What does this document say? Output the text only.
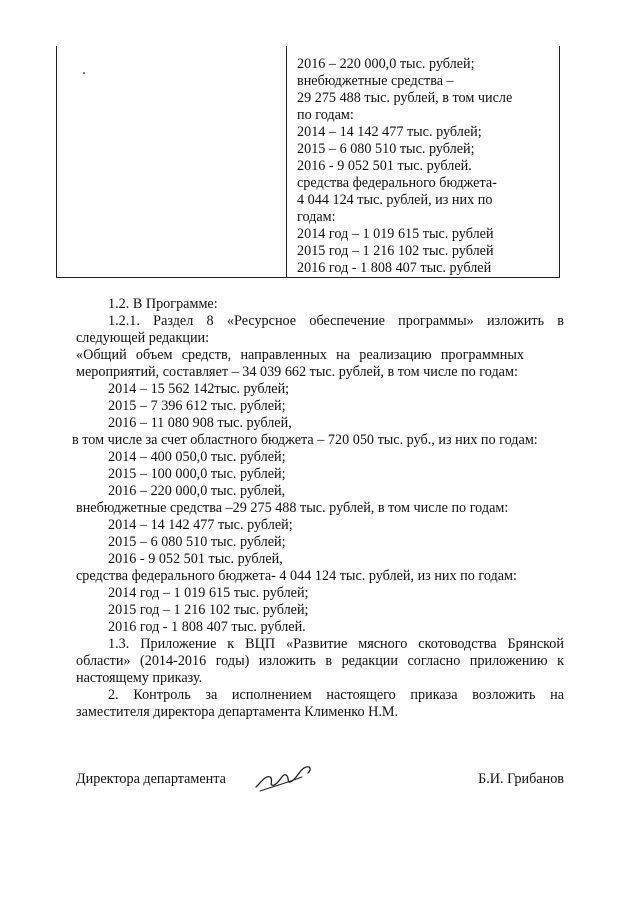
2016 – 220 000,0 тыс. рублей;
внебюджетные средства –
29 275 488 тыс. рублей, в том числе
по годам:
2014 – 14 142 477 тыс. рублей;
2015 – 6 080 510 тыс. рублей;
2016 - 9 052 501 тыс. рублей.
средства федерального бюджета-
4 044 124 тыс. рублей, из них по
годам:
2014 год – 1 019 615 тыс. рублей
2015 год – 1 216 102 тыс. рублей
2016 год - 1 808 407 тыс. рублей
1.2. В Программе:
1.2.1. Раздел 8 «Ресурсное обеспечение программы» изложить в
следующей редакции:
«Общий объем средств, направленных на реализацию программных
мероприятий, составляет – 34 039 662 тыс. рублей, в том числе по годам:
2014 – 15 562 142тыс. рублей;
2015 – 7 396 612 тыс. рублей;
2016 – 11 080 908 тыс. рублей,
в том числе за счет областного бюджета – 720 050 тыс. руб., из них по годам:
2014 – 400 050,0 тыс. рублей;
2015 – 100 000,0 тыс. рублей;
2016 – 220 000,0 тыс. рублей,
внебюджетные средства –29 275 488 тыс. рублей, в том числе по годам:
2014 – 14 142 477 тыс. рублей;
2015 – 6 080 510 тыс. рублей;
2016 - 9 052 501 тыс. рублей,
средства федерального бюджета- 4 044 124 тыс. рублей, из них по годам:
2014 год – 1 019 615 тыс. рублей;
2015 год – 1 216 102 тыс. рублей;
2016 год - 1 808 407 тыс. рублей.
1.3. Приложение к ВЦП «Развитие мясного скотоводства Брянской
области» (2014-2016 годы) изложить в редакции согласно приложению к
настоящему приказу.
2. Контроль за исполнением настоящего приказа возложить на
заместителя директора департамента Клименко Н.М.
Директора департамента	Б.И. Грибанов
